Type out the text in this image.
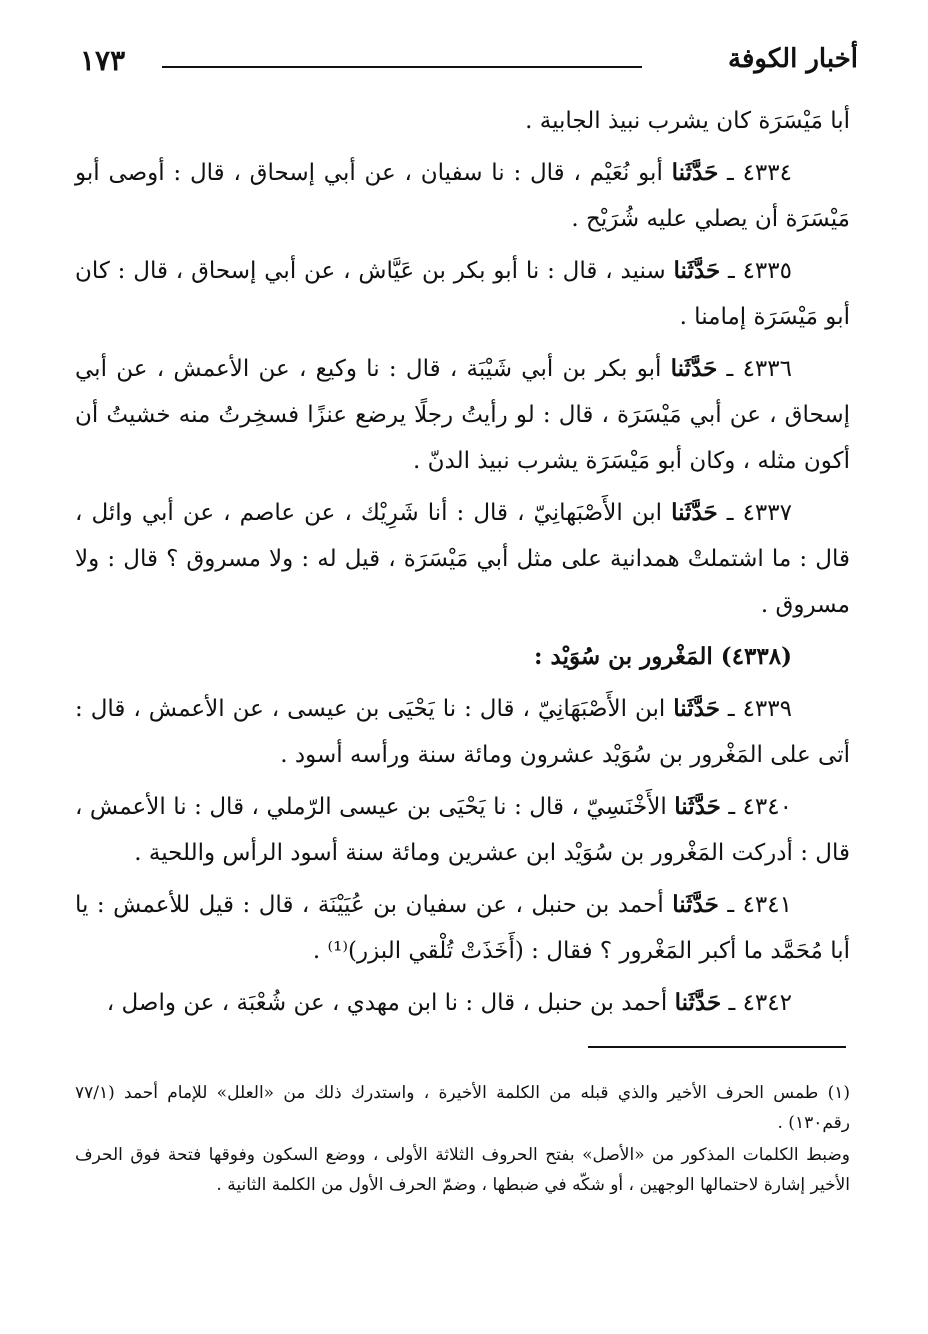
١٧٣	أخبار الكوفة

أبا مَيْسَرَة كان يشرب نبيذ الجابية .

٤٣٣٤ ـ حَدَّثَنا أبو نُعَيْم ، قال : نا سفيان ، عن أبي إسحاق ، قال : أوصى أبو مَيْسَرَة أن يصلي عليه شُرَيْح .

٤٣٣٥ ـ حَدَّثَنا سنيد ، قال : نا أبو بكر بن عَيَّاش ، عن أبي إسحاق ، قال : كان أبو مَيْسَرَة إمامنا .

٤٣٣٦ ـ حَدَّثَنا أبو بكر بن أبي شَيْبَة ، قال : نا وكيع ، عن الأعمش ، عن أبي إسحاق ، عن أبي مَيْسَرَة ، قال : لو رأيتُ رجلًا يرضع عنزًا فسخِرتُ منه خشيتُ أن أكون مثله ، وكان أبو مَيْسَرَة يشرب نبيذ الدنّ .

٤٣٣٧ ـ حَدَّثَنا ابن الأَصْبَهانِيّ ، قال : أنا شَرِيْك ، عن عاصم ، عن أبي وائل ، قال : ما اشتملتْ همدانية على مثل أبي مَيْسَرَة ، قيل له : ولا مسروق ؟ قال : ولا مسروق .

(٤٣٣٨) المَغْرور بن سُوَيْد :

٤٣٣٩ ـ حَدَّثَنا ابن الأَصْبَهَانِيّ ، قال : نا يَحْيَى بن عيسى ، عن الأعمش ، قال : أتى على المَغْرور بن سُوَيْد عشرون ومائة سنة ورأسه أسود .

٤٣٤٠ ـ حَدَّثَنا الأَخْنَسِيّ ، قال : نا يَحْيَى بن عيسى الرّملي ، قال : نا الأعمش ، قال : أدركت المَغْرور بن سُوَيْد ابن عشرين ومائة سنة أسود الرأس واللحية .

٤٣٤١ ـ حَدَّثَنا أحمد بن حنبل ، عن سفيان بن عُيَيْنَة ، قال : قيل للأعمش : يا أبا مُحَمَّد ما أكبر المَغْرور ؟ فقال : (أَخَذَتْ تُلْقي البزر)⁽¹⁾ .

٤٣٤٢ ـ حَدَّثَنا أحمد بن حنبل ، قال : نا ابن مهدي ، عن شُعْبَة ، عن واصل ،

(١) طمس الحرف الأخير والذي قبله من الكلمة الأخيرة ، واستدرك ذلك من «العلل» للإمام أحمد (٧٧/١ رقم١٣٠) .

وضبط الكلمات المذكور من «الأصل» بفتح الحروف الثلاثة الأولى ، ووضع السكون وفوقها فتحة فوق الحرف الأخير إشارة لاحتمالها الوجهين ، أو شكّه في ضبطها ، وضمّ الحرف الأول من الكلمة الثانية .
